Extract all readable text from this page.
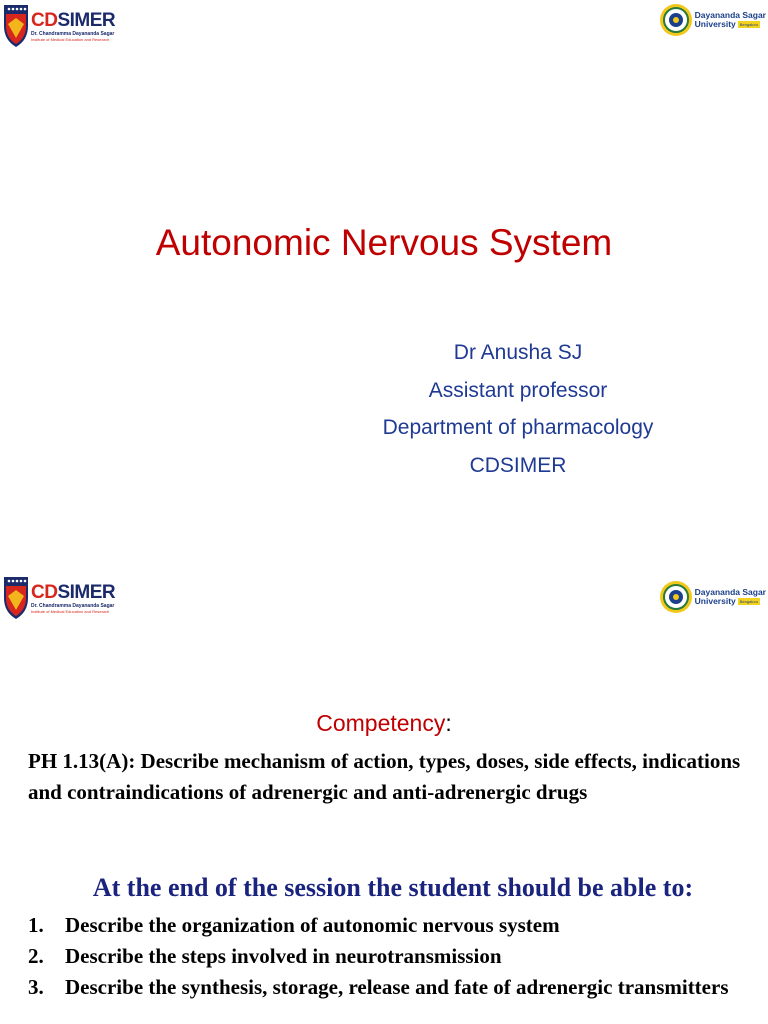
CDSIMER
Dr. Chandramma Dayananda Sagar
Institute of Medical Education and Research
Dayananda Sagar
University	Bengaluru
Autonomic Nervous System
Dr Anusha SJ
Assistant professor
Department of pharmacology
CDSIMER
CDSIMER
Dr. Chandramma Dayananda Sagar
Institute of Medical Education and Research
Dayananda Sagar
University	Bengaluru
Competency:

PH 1.13(A): Describe mechanism of action, types, doses, side effects, indications and contraindications of adrenergic and anti-adrenergic drugs

At the end of the session the student should be able to:
1.	Describe the organization of autonomic nervous system
2.	Describe the steps involved in neurotransmission
3.	Describe the synthesis, storage, release and fate of adrenergic transmitters
